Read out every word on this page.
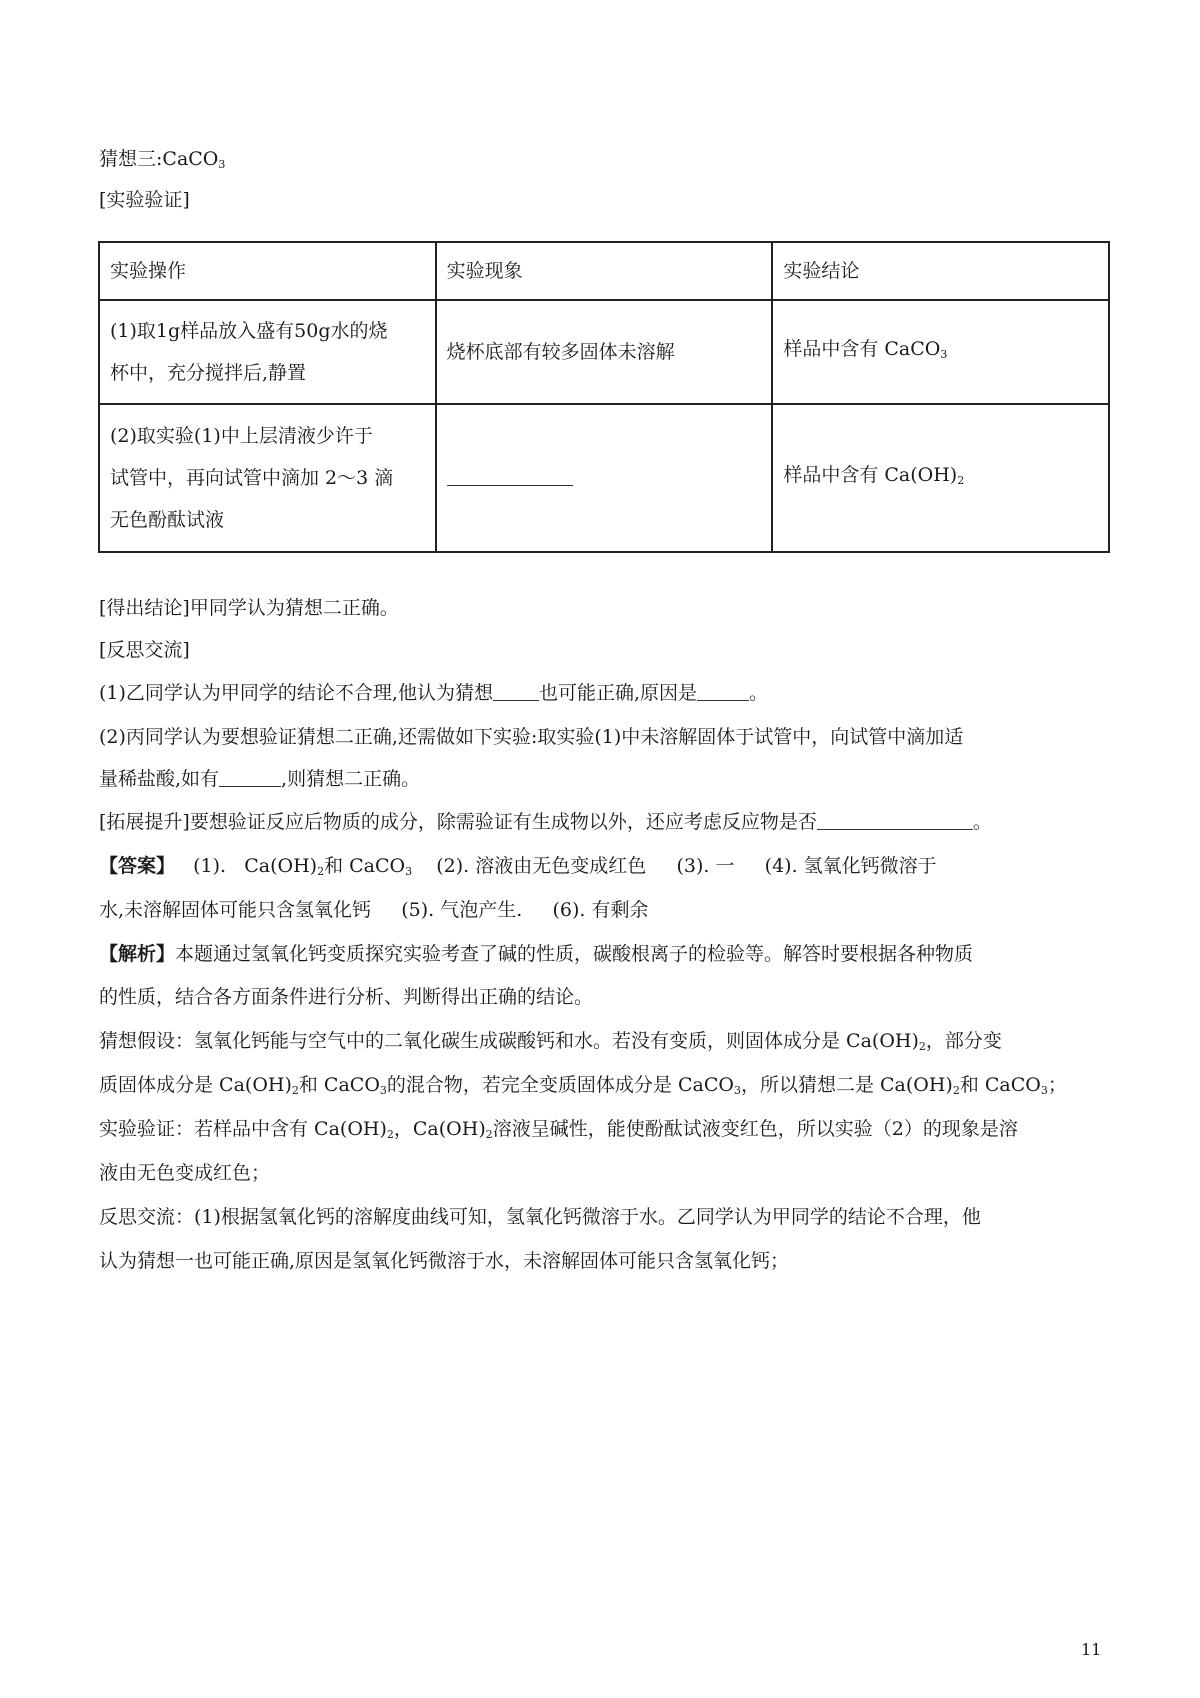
猜想三:CaCO$_3$
[实验验证]
实验操作	实验现象	实验结论

(1)取1g样品放入盛有50g水的烧
杯中，充分搅拌后,静置	烧杯底部有较多固体未溶解	样品中含有 CaCO$_3$

(2)取实验(1)中上层清液少许于
试管中，再向试管中滴加 2～3 滴
无色酚酞试液		样品中含有 $Ca(OH)_2$
[得出结论]甲同学认为猜想二正确。
[反思交流]
(1)乙同学认为甲同学的结论不合理,他认为猜想 也可能正确,原因是	。
(2)丙同学认为要想验证猜想二正确,还需做如下实验:取实验(1)中未溶解固体于试管中，向试管中滴加适
量稀盐酸,如有	,则猜想二正确。
[拓展提升]要想验证反应后物质的成分，除需验证有生成物以外，还应考虑反应物是否	。
【答案】 (1). $Ca(OH)_2$和 CaCO$_3$ (2). 溶液由无色变成红色 (3). 一 (4). 氢氧化钙微溶于
水,未溶解固体可能只含氢氧化钙 (5). 气泡产生. (6). 有剩余
【解析】本题通过氢氧化钙变质探究实验考查了碱的性质，碳酸根离子的检验等。解答时要根据各种物质
的性质，结合各方面条件进行分析、判断得出正确的结论。
猜想假设：氢氧化钙能与空气中的二氧化碳生成碳酸钙和水。若没有变质，则固体成分是 $Ca(OH)_2$，部分变
质固体成分是 $Ca(OH)_2$和 CaCO$_3$的混合物，若完全变质固体成分是 CaCO$_3$，所以猜想二是 $Ca(OH)_2$和 CaCO$_3$；
实验验证：若样品中含有 $Ca(OH)_2$，$Ca(OH)_2$溶液呈碱性，能使酚酞试液变红色，所以实验（2）的现象是溶
液由无色变成红色；
反思交流：(1)根据氢氧化钙的溶解度曲线可知，氢氧化钙微溶于水。乙同学认为甲同学的结论不合理，他
认为猜想一也可能正确,原因是氢氧化钙微溶于水，未溶解固体可能只含氢氧化钙；
11
